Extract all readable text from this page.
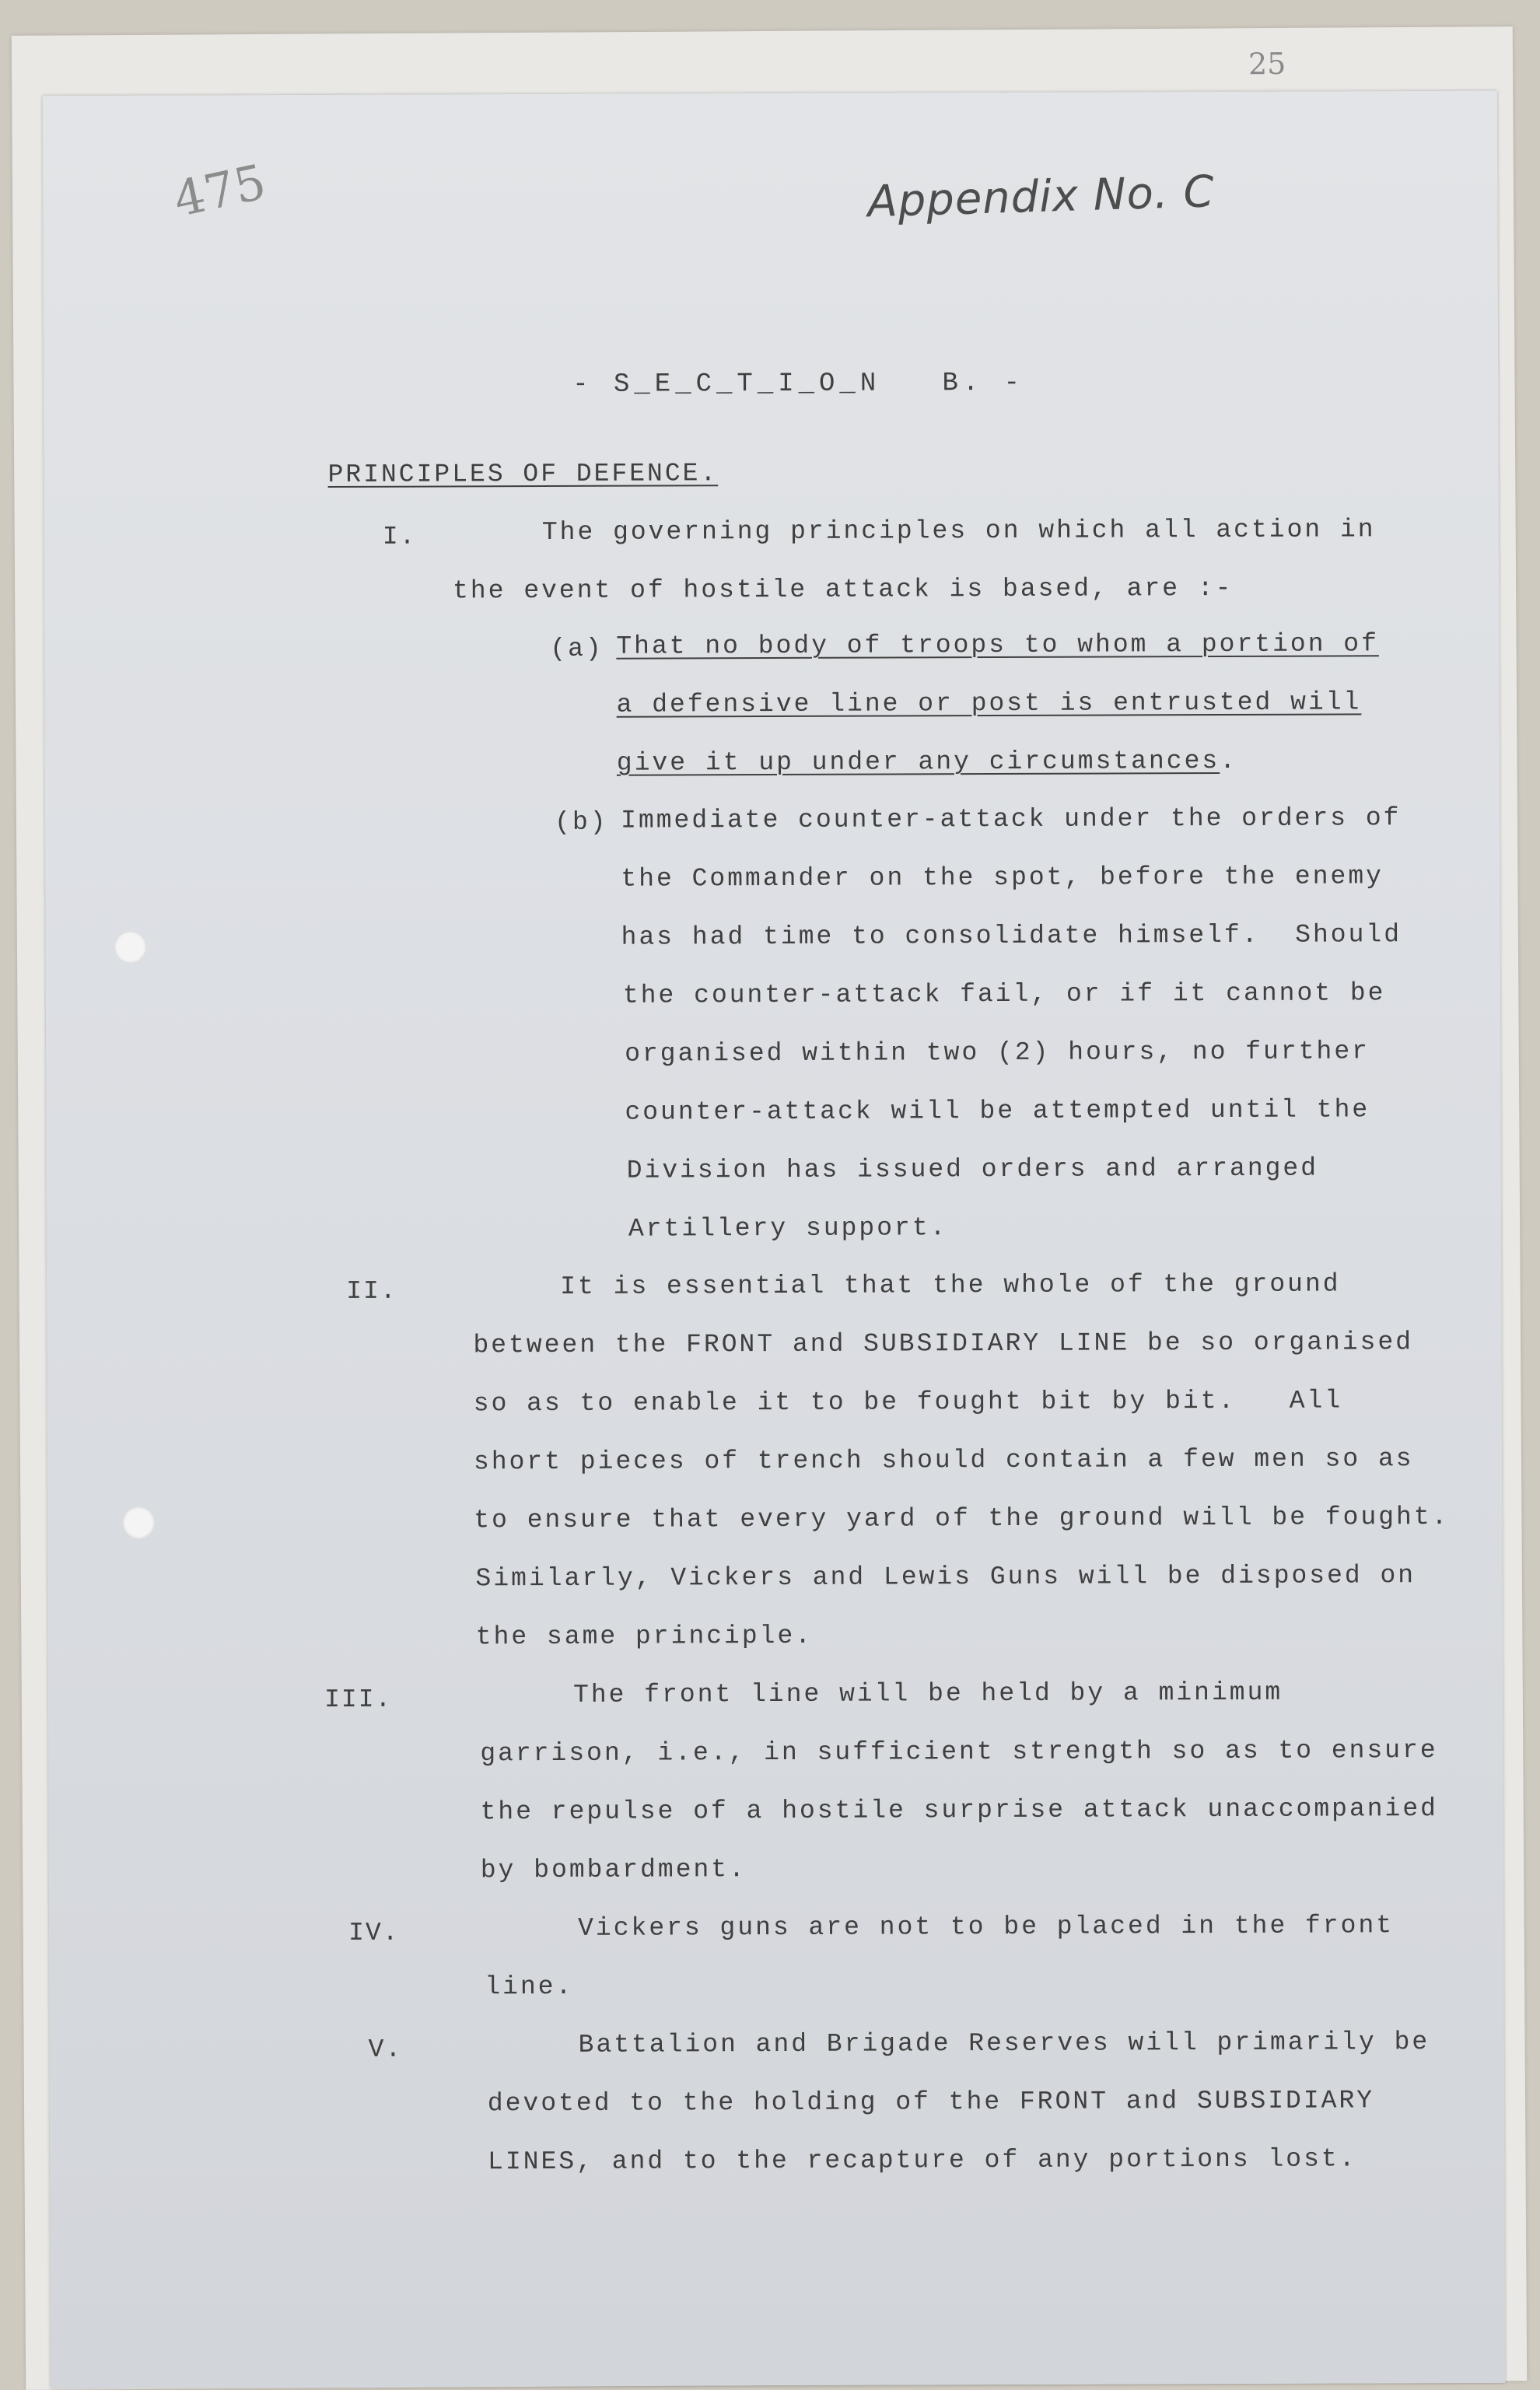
25
475	Appendix No. C
- S_E_C_T_I_O_N   B. -
PRINCIPLES OF DEFENCE.
I.	The governing principles on which all action in
the event of hostile attack is based, are :-
(a) That no body of troops to whom a portion of
a defensive line or post is entrusted will
give it up under any circumstances.
(b) Immediate counter-attack under the orders of
the Commander on the spot, before the enemy
has had time to consolidate himself.  Should
the counter-attack fail, or if it cannot be
organised within two (2) hours, no further
counter-attack will be attempted until the
Division has issued orders and arranged
Artillery support.
II.	It is essential that the whole of the ground
between the FRONT and SUBSIDIARY LINE be so organised
so as to enable it to be fought bit by bit.   All
short pieces of trench should contain a few men so as
to ensure that every yard of the ground will be fought.
Similarly, Vickers and Lewis Guns will be disposed on
the same principle.
III.	The front line will be held by a minimum
garrison, i.e., in sufficient strength so as to ensure
the repulse of a hostile surprise attack unaccompanied
by bombardment.
IV.	Vickers guns are not to be placed in the front
line.
V.	Battalion and Brigade Reserves will primarily be
devoted to the holding of the FRONT and SUBSIDIARY
LINES, and to the recapture of any portions lost.
